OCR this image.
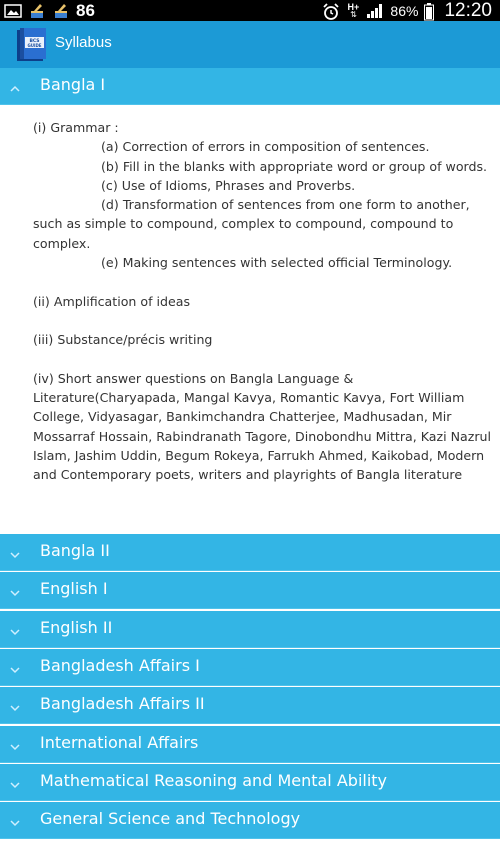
86	H+
⇅ 86% 12:20
BCS
GUIDE Syllabus
Bangla I

(i) Grammar :

(a) Correction of errors in composition of sentences.

(b) Fill in the blanks with appropriate word or group of words.

(c) Use of Idioms, Phrases and Proverbs.

(d) Transformation of sentences from one form to another, such as simple to compound, complex to compound, compound to complex.

(e) Making sentences with selected official Terminology.

(ii) Amplification of ideas

(iii) Substance/précis writing

(iv) Short answer questions on Bangla Language & Literature(Charyapada, Mangal Kavya, Romantic Kavya, Fort William College, Vidyasagar, Bankimchandra Chatterjee, Madhusadan, Mir Mossarraf Hossain, Rabindranath Tagore, Dinobondhu Mittra, Kazi Nazrul Islam, Jashim Uddin, Begum Rokeya, Farrukh Ahmed, Kaikobad, Modern and Contemporary poets, writers and playrights of Bangla literature

Bangla II
English I
English II
Bangladesh Affairs I
Bangladesh Affairs II
International Affairs
Mathematical Reasoning and Mental Ability
General Science and Technology
